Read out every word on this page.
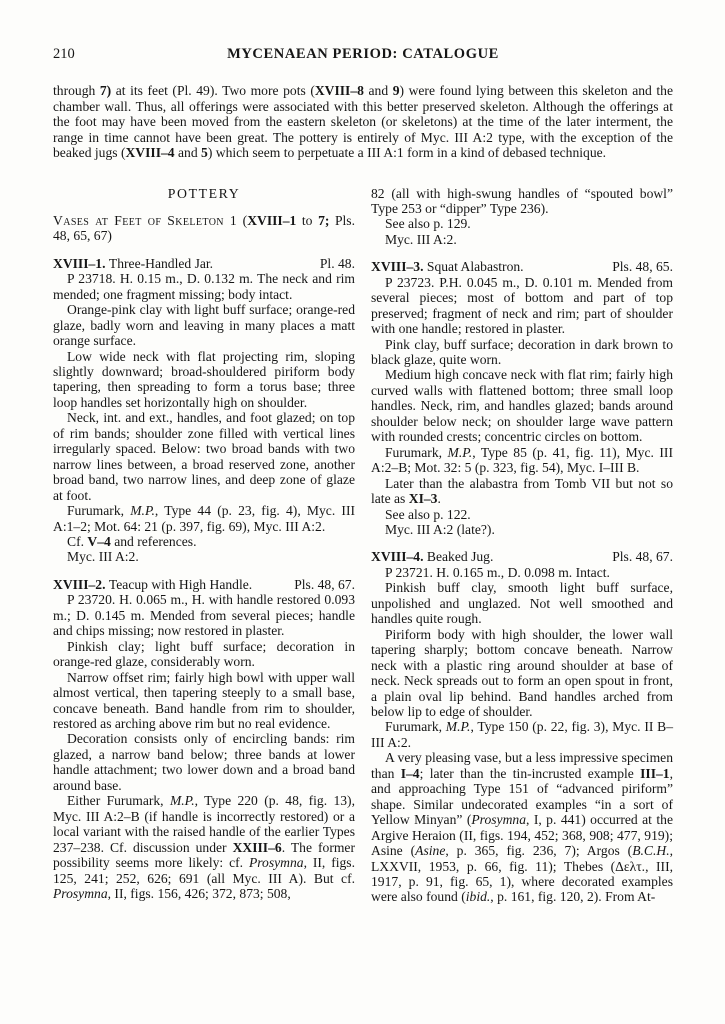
210	MYCENAEAN PERIOD: CATALOGUE
through 7) at its feet (Pl. 49). Two more pots (XVIII–8 and 9) were found lying between this skeleton and the chamber wall. Thus, all offerings were associated with this better preserved skeleton. Although the offerings at the foot may have been moved from the eastern skeleton (or skeletons) at the time of the later interment, the range in time cannot have been great. The pottery is entirely of Myc. III A:2 type, with the exception of the beaked jugs (XVIII–4 and 5) which seem to perpetuate a III A:1 form in a kind of debased technique.
POTTERY

Vases at Feet of Skeleton 1 (XVIII–1 to 7; Pls. 48, 65, 67)

XVIII–1. Three-Handled Jar.	Pl. 48.

P 23718. H. 0.15 m., D. 0.132 m. The neck and rim mended; one fragment missing; body intact.

Orange-pink clay with light buff surface; orange-red glaze, badly worn and leaving in many places a matt orange surface.

Low wide neck with flat projecting rim, sloping slightly downward; broad-shouldered piriform body tapering, then spreading to form a torus base; three loop handles set horizontally high on shoulder.

Neck, int. and ext., handles, and foot glazed; on top of rim bands; shoulder zone filled with vertical lines irregularly spaced. Below: two broad bands with two narrow lines between, a broad reserved zone, another broad band, two narrow lines, and deep zone of glaze at foot.

Furumark, M.P., Type 44 (p. 23, fig. 4), Myc. III A:1–2; Mot. 64: 21 (p. 397, fig. 69), Myc. III A:2.

Cf. V–4 and references.

Myc. III A:2.

XVIII–2. Teacup with High Handle.	Pls. 48, 67.

P 23720. H. 0.065 m., H. with handle restored 0.093 m.; D. 0.145 m. Mended from several pieces; handle and chips missing; now restored in plaster.

Pinkish clay; light buff surface; decoration in orange-red glaze, considerably worn.

Narrow offset rim; fairly high bowl with upper wall almost vertical, then tapering steeply to a small base, concave beneath. Band handle from rim to shoulder, restored as arching above rim but no real evidence.

Decoration consists only of encircling bands: rim glazed, a narrow band below; three bands at lower handle attachment; two lower down and a broad band around base.

Either Furumark, M.P., Type 220 (p. 48, fig. 13), Myc. III A:2–B (if handle is incorrectly restored) or a local variant with the raised handle of the earlier Types 237–238. Cf. discussion under XXIII–6. The former possibility seems more likely: cf. Prosymna, II, figs. 125, 241; 252, 626; 691 (all Myc. III A). But cf. Prosymna, II, figs. 156, 426; 372, 873; 508,

82 (all with high-swung handles of “spouted bowl” Type 253 or “dipper” Type 236).

See also p. 129.

Myc. III A:2.

XVIII–3. Squat Alabastron.	Pls. 48, 65.

P 23723. P.H. 0.045 m., D. 0.101 m. Mended from several pieces; most of bottom and part of top preserved; fragment of neck and rim; part of shoulder with one handle; restored in plaster.

Pink clay, buff surface; decoration in dark brown to black glaze, quite worn.

Medium high concave neck with flat rim; fairly high curved walls with flattened bottom; three small loop handles. Neck, rim, and handles glazed; bands around shoulder below neck; on shoulder large wave pattern with rounded crests; concentric circles on bottom.

Furumark, M.P., Type 85 (p. 41, fig. 11), Myc. III A:2–B; Mot. 32: 5 (p. 323, fig. 54), Myc. I–III B.

Later than the alabastra from Tomb VII but not so late as XI–3.

See also p. 122.

Myc. III A:2 (late?).

XVIII–4. Beaked Jug.	Pls. 48, 67.

P 23721. H. 0.165 m., D. 0.098 m. Intact.

Pinkish buff clay, smooth light buff surface, unpolished and unglazed. Not well smoothed and handles quite rough.

Piriform body with high shoulder, the lower wall tapering sharply; bottom concave beneath. Narrow neck with a plastic ring around shoulder at base of neck. Neck spreads out to form an open spout in front, a plain oval lip behind. Band handles arched from below lip to edge of shoulder.

Furumark, M.P., Type 150 (p. 22, fig. 3), Myc. II B–III A:2.

A very pleasing vase, but a less impressive specimen than I–4; later than the tin-incrusted example III–1, and approaching Type 151 of “advanced piriform” shape. Similar undecorated examples “in a sort of Yellow Minyan” (Prosymna, I, p. 441) occurred at the Argive Heraion (II, figs. 194, 452; 368, 908; 477, 919); Asine (Asine, p. 365, fig. 236, 7); Argos (B.C.H., LXXVII, 1953, p. 66, fig. 11); Thebes (Δελτ., III, 1917, p. 91, fig. 65, 1), where decorated examples were also found (ibid., p. 161, fig. 120, 2). From At-
